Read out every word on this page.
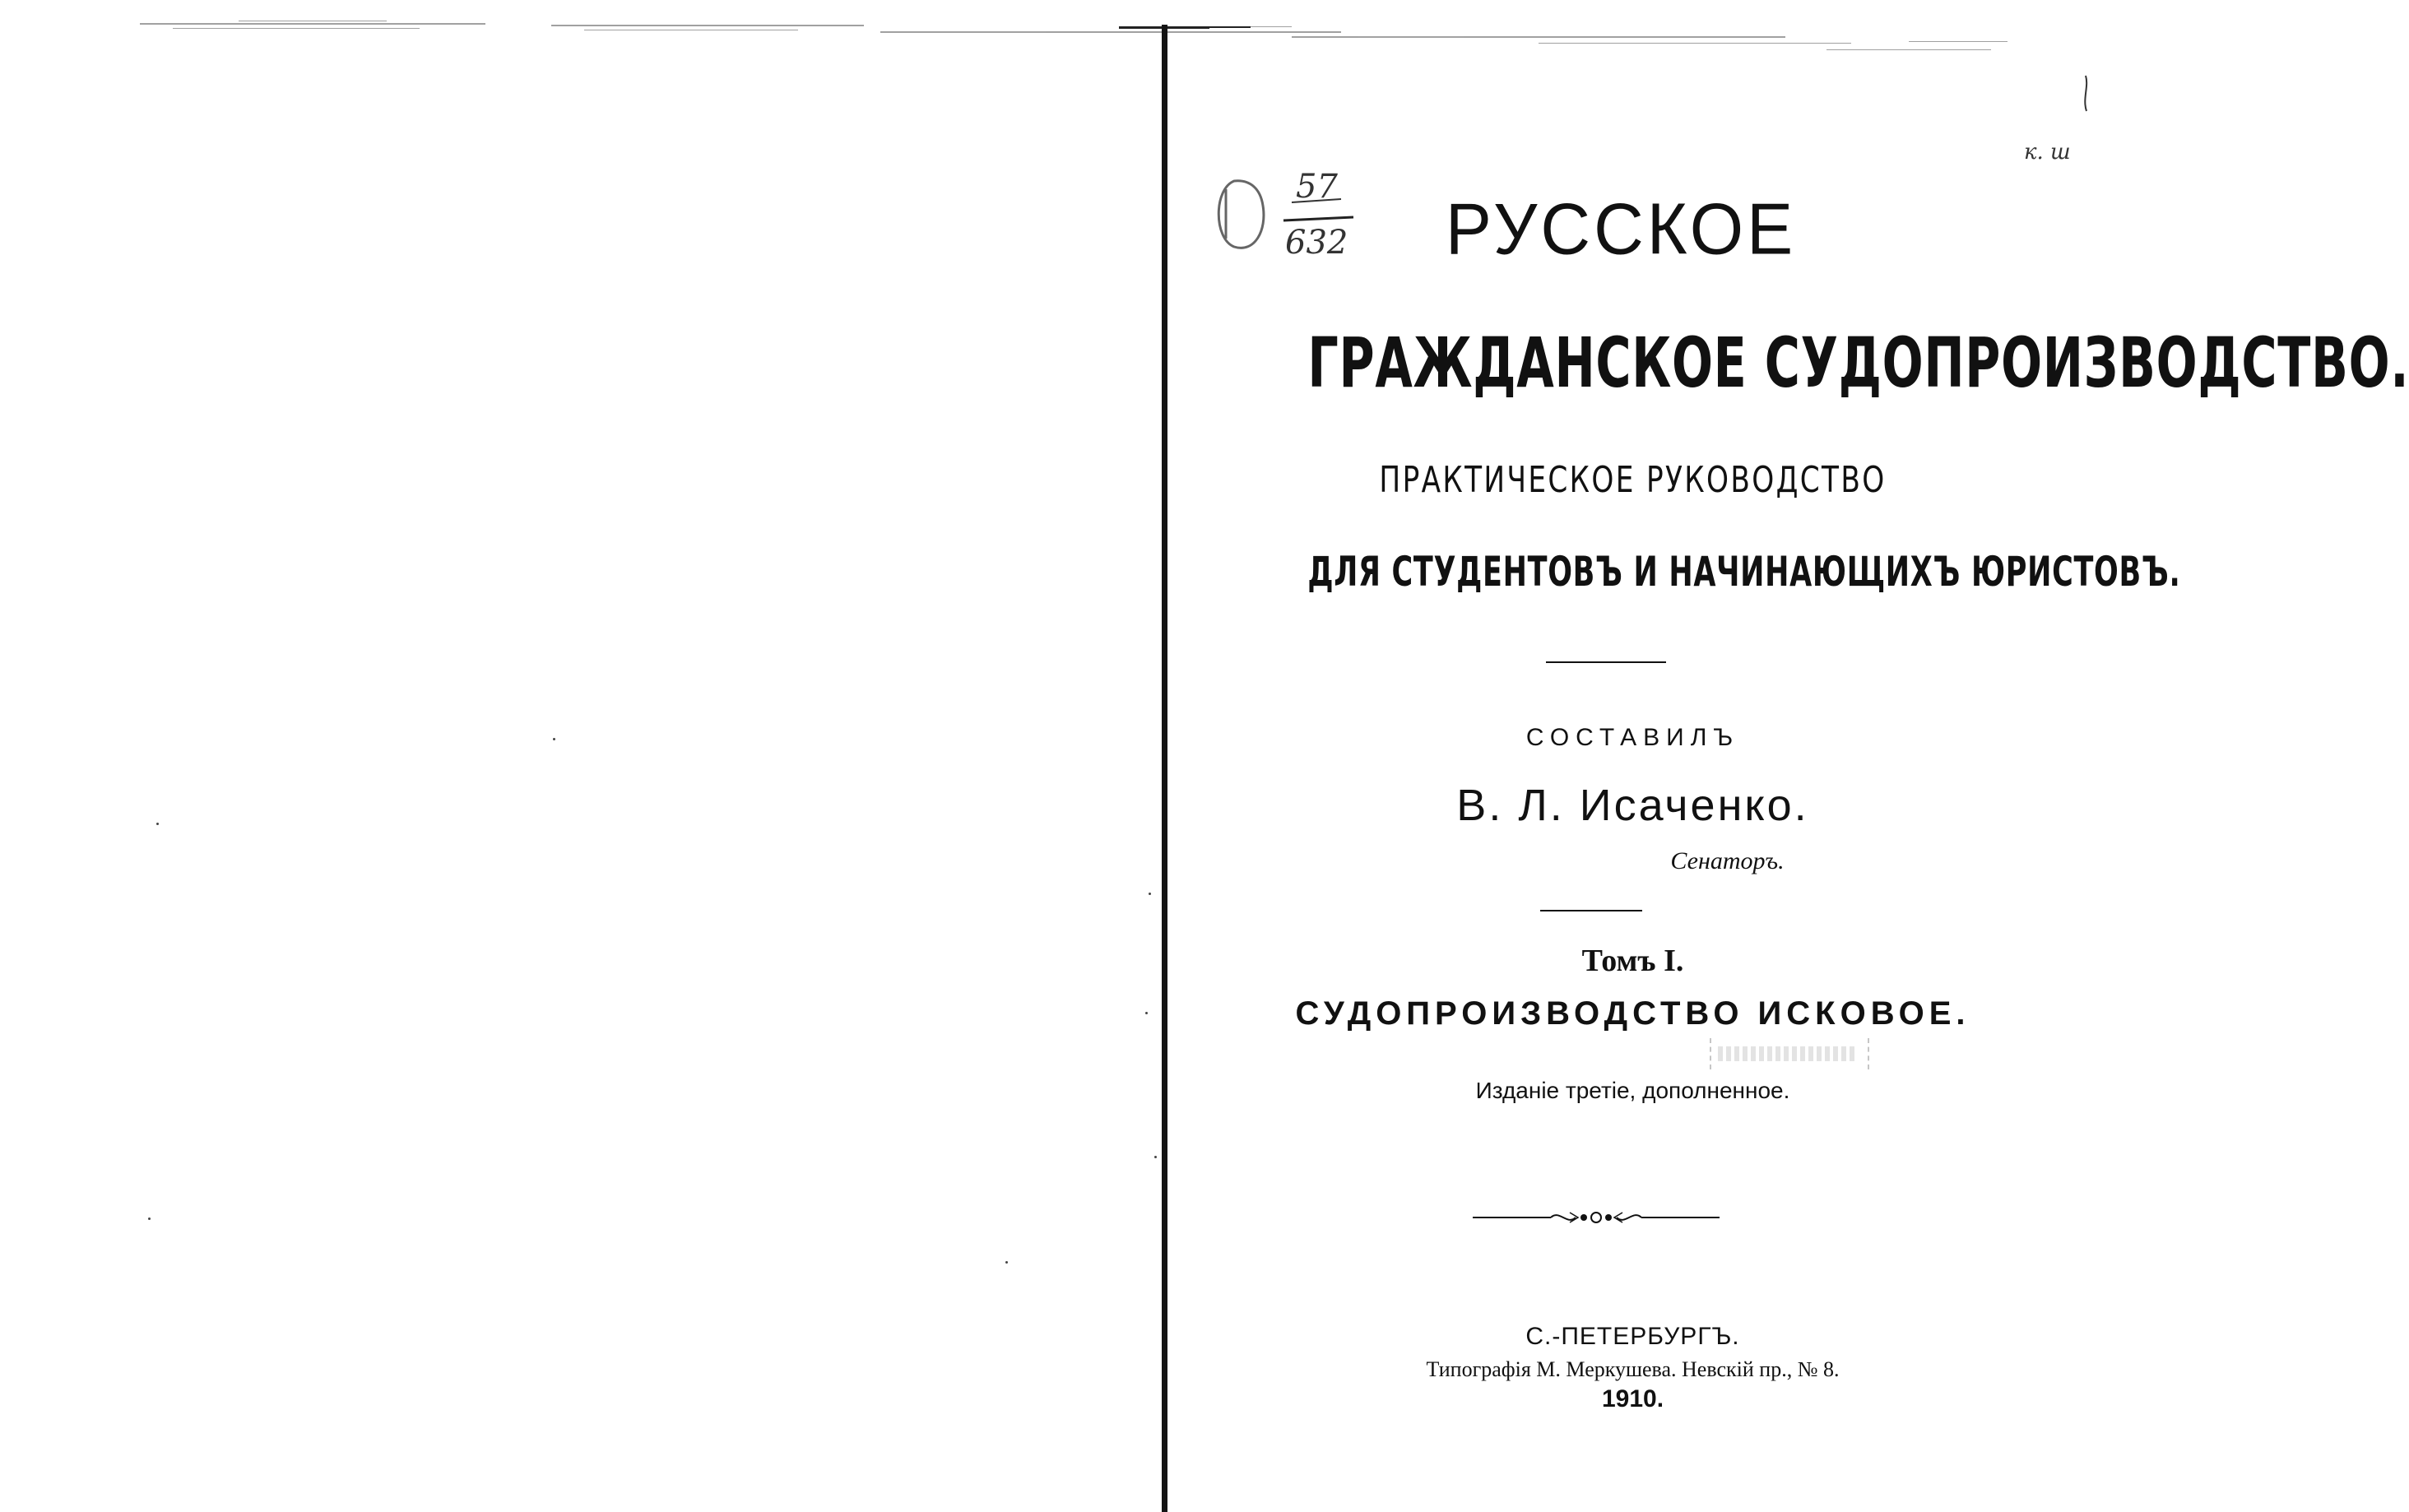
57
632
к. ш
РУССКОЕ
ГРАЖДАНСКОЕ СУДОПРОИЗВОДСТВО.
ПРАКТИЧЕСКОЕ РУКОВОДСТВО
ДЛЯ СТУДЕНТОВЪ И НАЧИНАЮЩИХЪ ЮРИСТОВЪ.
СОСТАВИЛЪ
В. Л. Исаченко.
Сенаторъ.
Томъ I.
СУДОПРОИЗВОДСТВО ИСКОВОЕ.
Изданіе третіе, дополненное.
С.-ПЕТЕРБУРГЪ.
Типографія М. Меркушева. Невскій пр., № 8.
1910.
